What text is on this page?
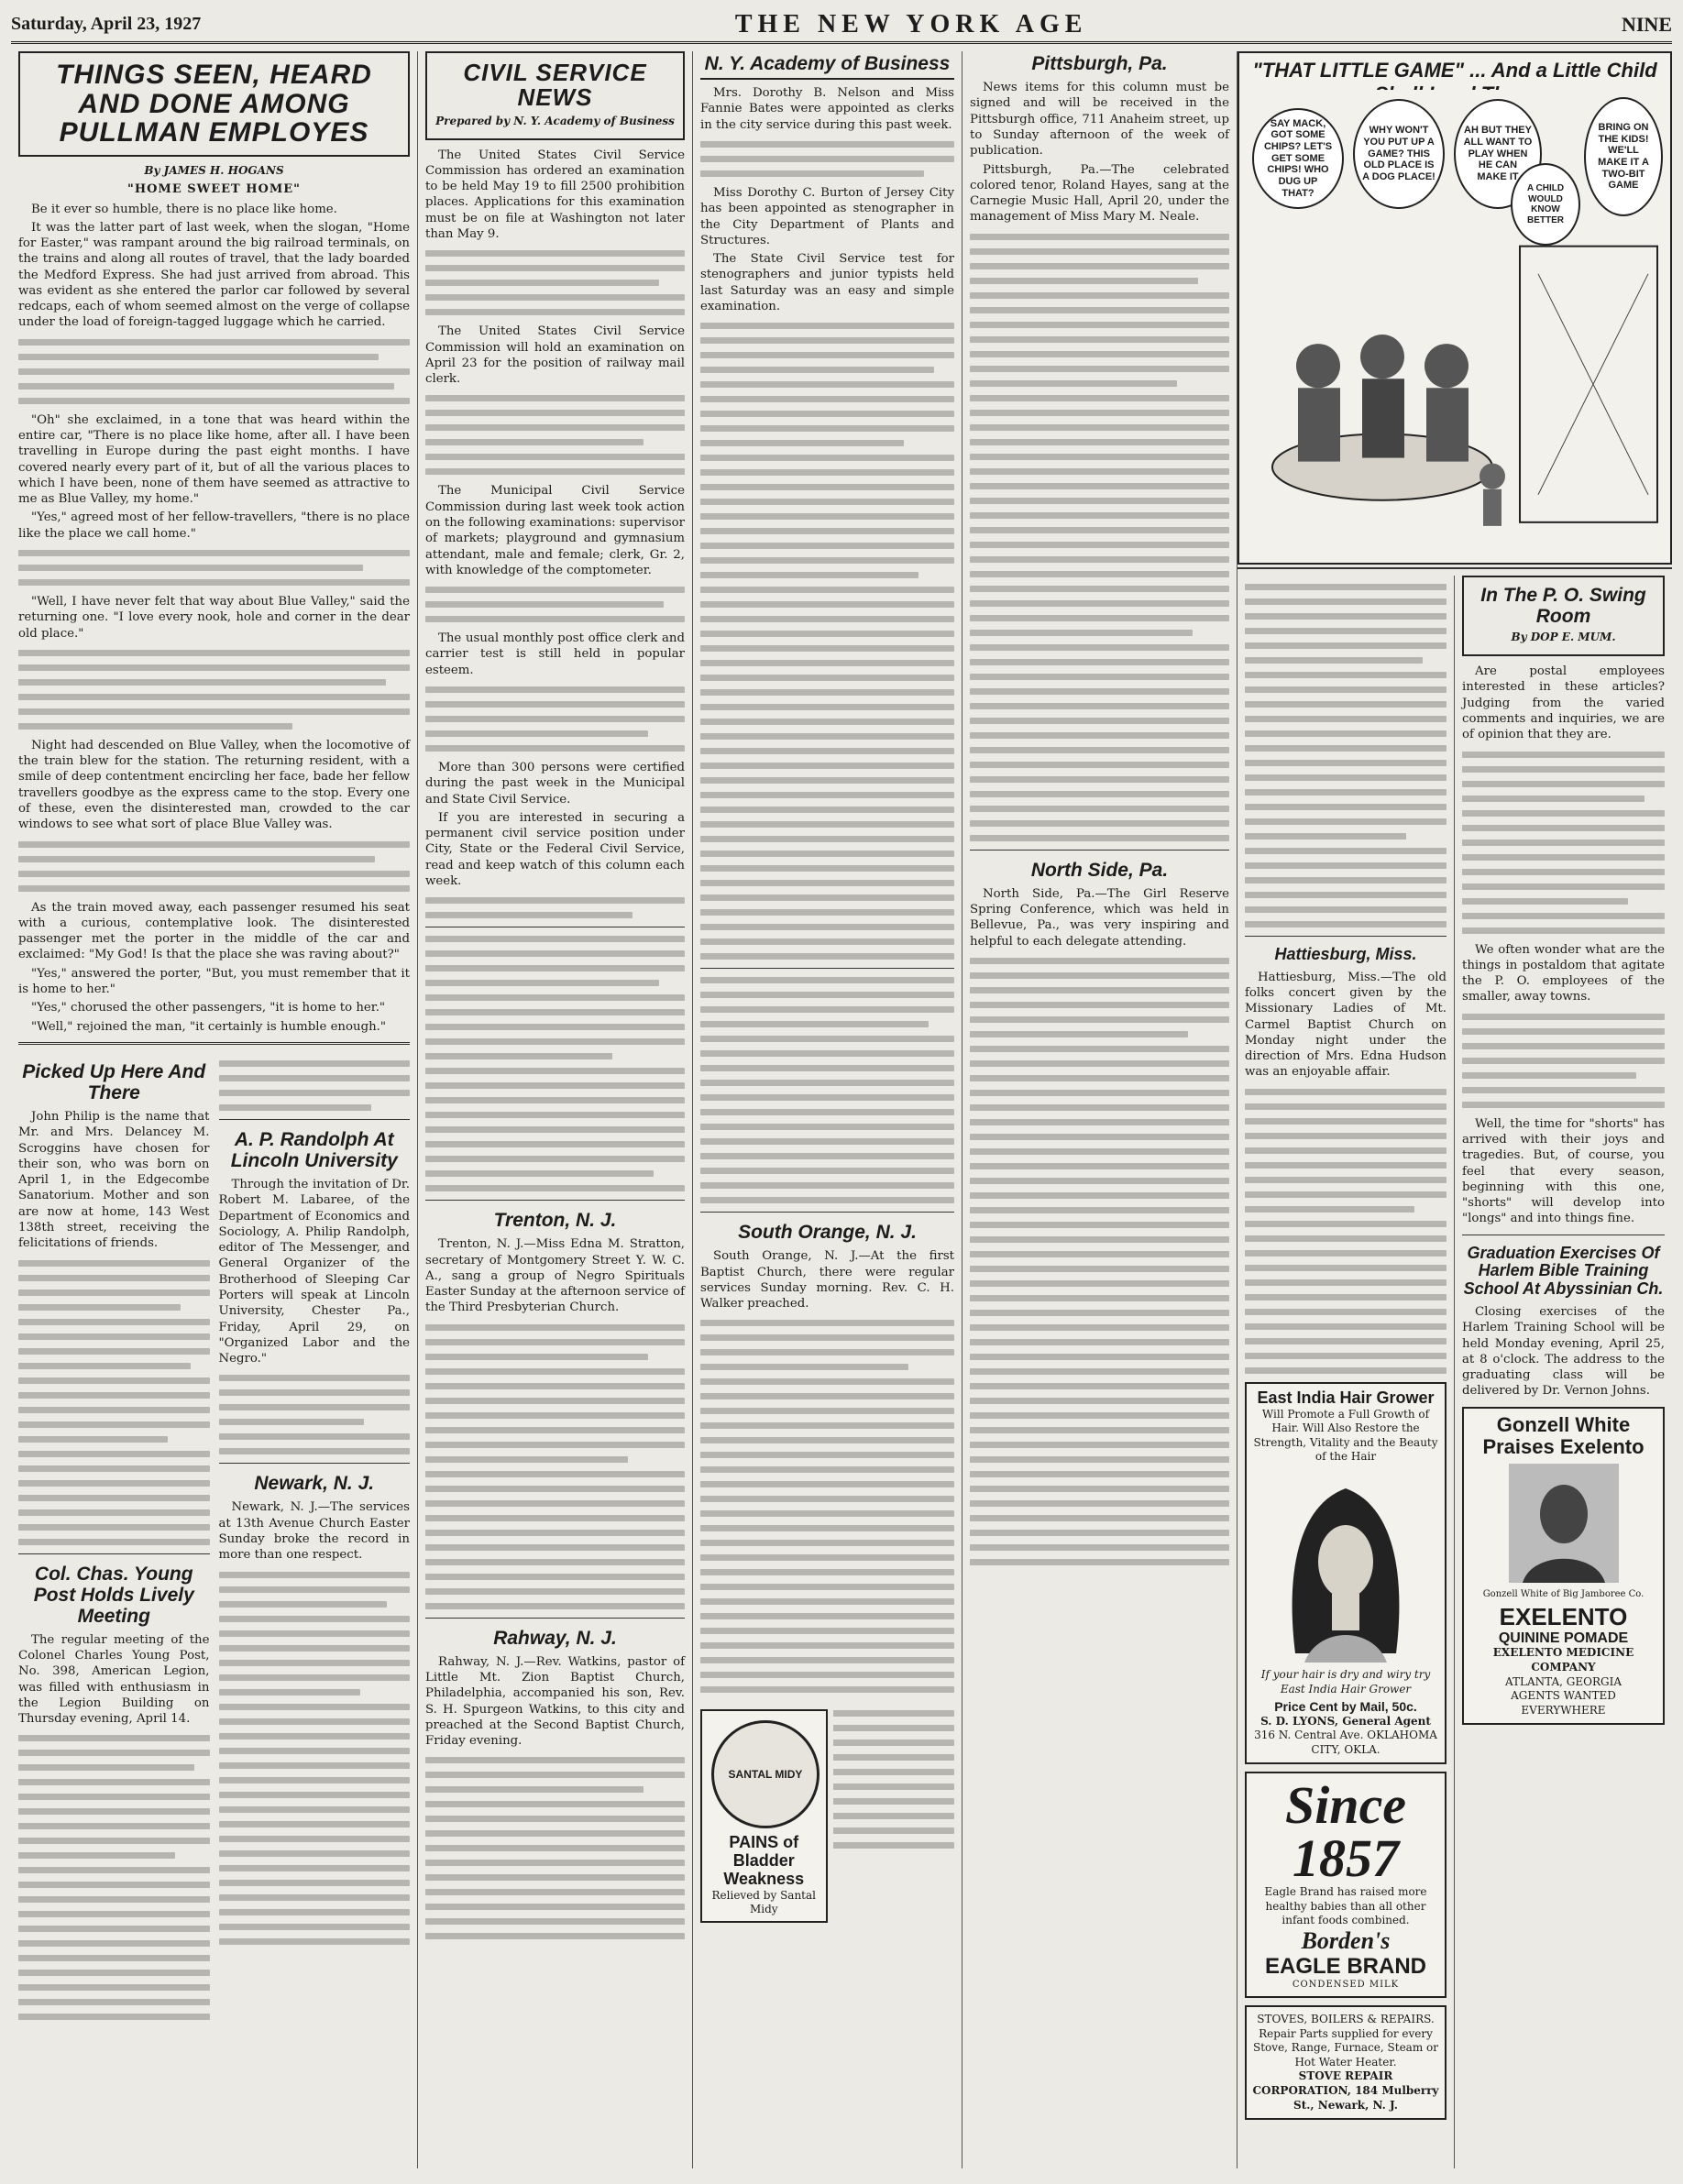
Saturday, April 23, 1927	THE NEW YORK AGE	NINE
THINGS SEEN, HEARD AND DONE AMONG PULLMAN EMPLOYES
By JAMES H. HOGANS
"HOME SWEET HOME"

Be it ever so humble, there is no place like home.

It was the latter part of last week, when the slogan, "Home for Easter," was rampant around the big railroad terminals, on the trains and along all routes of travel, that the lady boarded the Medford Express. She had just arrived from abroad. This was evident as she entered the parlor car followed by several redcaps, each of whom seemed almost on the verge of collapse under the load of foreign-tagged luggage which he carried.

"Oh" she exclaimed, in a tone that was heard within the entire car, "There is no place like home, after all. I have been travelling in Europe during the past eight months. I have covered nearly every part of it, but of all the various places to which I have been, none of them have seemed as attractive to me as Blue Valley, my home."

"Yes," agreed most of her fellow-travellers, "there is no place like the place we call home."

"Well, I have never felt that way about Blue Valley," said the returning one. "I love every nook, hole and corner in the dear old place."

Night had descended on Blue Valley, when the locomotive of the train blew for the station. The returning resident, with a smile of deep contentment encircling her face, bade her fellow travellers goodbye as the express came to the stop. Every one of these, even the disinterested man, crowded to the car windows to see what sort of place Blue Valley was.

As the train moved away, each passenger resumed his seat with a curious, contemplative look. The disinterested passenger met the porter in the middle of the car and exclaimed: "My God! Is that the place she was raving about?"

"Yes," answered the porter, "But, you must remember that it is home to her."

"Yes," chorused the other passengers, "it is home to her."

"Well," rejoined the man, "it certainly is humble enough."

Picked Up Here And There

John Philip is the name that Mr. and Mrs. Delancey M. Scroggins have chosen for their son, who was born on April 1, in the Edgecombe Sanatorium. Mother and son are now at home, 143 West 138th street, receiving the felicitations of friends.

Col. Chas. Young Post Holds Lively Meeting

The regular meeting of the Colonel Charles Young Post, No. 398, American Legion, was filled with enthusiasm in the Legion Building on Thursday evening, April 14.

A. P. Randolph At Lincoln University

Through the invitation of Dr. Robert M. Labaree, of the Department of Economics and Sociology, A. Philip Randolph, editor of The Messenger, and General Organizer of the Brotherhood of Sleeping Car Porters will speak at Lincoln University, Chester Pa., Friday, April 29, on "Organized Labor and the Negro."

Newark, N. J.

Newark, N. J.—The services at 13th Avenue Church Easter Sunday broke the record in more than one respect.

CIVIL SERVICE NEWS
Prepared by N. Y. Academy of Business

The United States Civil Service Commission has ordered an examination to be held May 19 to fill 2500 prohibition places. Applications for this examination must be on file at Washington not later than May 9.

The United States Civil Service Commission will hold an examination on April 23 for the position of railway mail clerk.

The Municipal Civil Service Commission during last week took action on the following examinations: supervisor of markets; playground and gymnasium attendant, male and female; clerk, Gr. 2, with knowledge of the comptometer.

The usual monthly post office clerk and carrier test is still held in popular esteem.

More than 300 persons were certified during the past week in the Municipal and State Civil Service.

If you are interested in securing a permanent civil service position under City, State or the Federal Civil Service, read and keep watch of this column each week.

Trenton, N. J.

Trenton, N. J.—Miss Edna M. Stratton, secretary of Montgomery Street Y. W. C. A., sang a group of Negro Spirituals Easter Sunday at the afternoon service of the Third Presbyterian Church.

Rahway, N. J.

Rahway, N. J.—Rev. Watkins, pastor of Little Mt. Zion Baptist Church, Philadelphia, accompanied his son, Rev. S. H. Spurgeon Watkins, to this city and preached at the Second Baptist Church, Friday evening.

N. Y. Academy of Business

Mrs. Dorothy B. Nelson and Miss Fannie Bates were appointed as clerks in the city service during this past week.

Miss Dorothy C. Burton of Jersey City has been appointed as stenographer in the City Department of Plants and Structures.

The State Civil Service test for stenographers and junior typists held last Saturday was an easy and simple examination.

South Orange, N. J.

South Orange, N. J.—At the first Baptist Church, there were regular services Sunday morning. Rev. C. H. Walker preached.

SANTAL MIDY
PAINS of Bladder Weakness
Relieved by Santal Midy
Pittsburgh, Pa.

News items for this column must be signed and will be received in the Pittsburgh office, 711 Anaheim street, up to Sunday afternoon of the week of publication.

Pittsburgh, Pa.—The celebrated colored tenor, Roland Hayes, sang at the Carnegie Music Hall, April 20, under the management of Miss Mary M. Neale.

North Side, Pa.

North Side, Pa.—The Girl Reserve Spring Conference, which was held in Bellevue, Pa., was very inspiring and helpful to each delegate attending.

"THAT LITTLE GAME" ... And a Little Child
SAY MACK, GOT SOME CHIPS? LET'S GET SOME CHIPS! WHO DUG UP THAT?
WHY WON'T YOU PUT UP A GAME? THIS OLD PLACE IS A DOG PLACE!
AH BUT THEY ALL WANT TO PLAY WHEN HE CAN MAKE IT
A CHILD WOULD KNOW BETTER
BRING ON THE KIDS! WE'LL MAKE IT A TWO-BIT GAME
Hattiesburg, Miss.

Hattiesburg, Miss.—The old folks concert given by the Missionary Ladies of Mt. Carmel Baptist Church on Monday night under the direction of Mrs. Edna Hudson was an enjoyable affair.

East India Hair Grower
Will Promote a Full Growth of Hair. Will Also Restore the Strength, Vitality and the Beauty of the Hair
If your hair is dry and wiry try East India Hair Grower
Price Cent by Mail, 50c.
S. D. LYONS, General Agent
316 N. Central Ave. OKLAHOMA CITY, OKLA.
Since 1857
Eagle Brand has raised more healthy babies than all other infant foods combined.
Borden's
EAGLE BRAND
CONDENSED MILK
STOVES, BOILERS & REPAIRS. Repair Parts supplied for every Stove, Range, Furnace, Steam or Hot Water Heater.
STOVE REPAIR CORPORATION, 184 Mulberry St., Newark, N. J.
In The P. O. Swing Room
By DOP E. MUM.

Are postal employees interested in these articles? Judging from the varied comments and inquiries, we are of opinion that they are.

We often wonder what are the things in postaldom that agitate the P. O. employees of the smaller, away towns.

Well, the time for "shorts" has arrived with their joys and tragedies. But, of course, you feel that every season, beginning with this one, "shorts" will develop into "longs" and into things fine.

Graduation Exercises Of Harlem Bible Training School At Abyssinian Ch.

Closing exercises of the Harlem Training School will be held Monday evening, April 25, at 8 o'clock. The address to the graduating class will be delivered by Dr. Vernon Johns.

Gonzell White Praises Exelento
Gonzell White of Big Jamboree Co.
EXELENTO
QUININE POMADE
EXELENTO MEDICINE COMPANY
ATLANTA, GEORGIA
AGENTS WANTED EVERYWHERE
